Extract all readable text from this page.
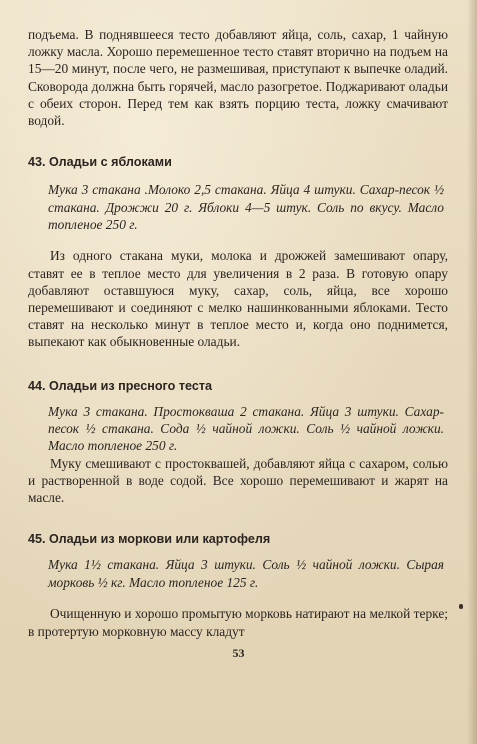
подъема. В поднявшееся тесто добавляют яйца, соль, сахар, 1 чайную ложку масла. Хорошо перемешенное тесто ставят вторично на подъем на 15—20 минут, после чего, не размешивая, приступают к выпечке оладий. Сковорода должна быть горячей, масло разогретое. Поджаривают оладьи с обеих сторон. Перед тем как взять порцию теста, ложку смачивают водой.

43. Оладьи с яблоками

Мука 3 стакана .Молоко 2,5 стакана. Яйца 4 штуки. Сахар-песок ½ стакана. Дрожжи 20 г. Яблоки 4—5 штук. Соль по вкусу. Масло топленое 250 г.

Из одного стакана муки, молока и дрожжей замешивают опару, ставят ее в теплое место для увеличения в 2 раза. В готовую опару добавляют оставшуюся муку, сахар, соль, яйца, все хорошо перемешивают и соединяют с мелко нашинкованными яблоками. Тесто ставят на несколько минут в теплое место и, когда оно поднимется, выпекают как обыкновенные оладьи.

44. Оладьи из пресного теста

Мука 3 стакана. Простокваша 2 стакана. Яйца 3 штуки. Сахар-песок ½ стакана. Сода ½ чайной ложки. Соль ½ чайной ложки. Масло топленое 250 г.

Муку смешивают с простоквашей, добавляют яйца с сахаром, солью и растворенной в воде содой. Все хорошо перемешивают и жарят на масле.

45. Оладьи из моркови или картофеля

Мука 1½ стакана. Яйца 3 штуки. Соль ½ чайной ложки. Сырая морковь ½ кг. Масло топленое 125 г.

Очищенную и хорошо промытую морковь натирают на мелкой терке; в протертую морковную массу кладут

53
